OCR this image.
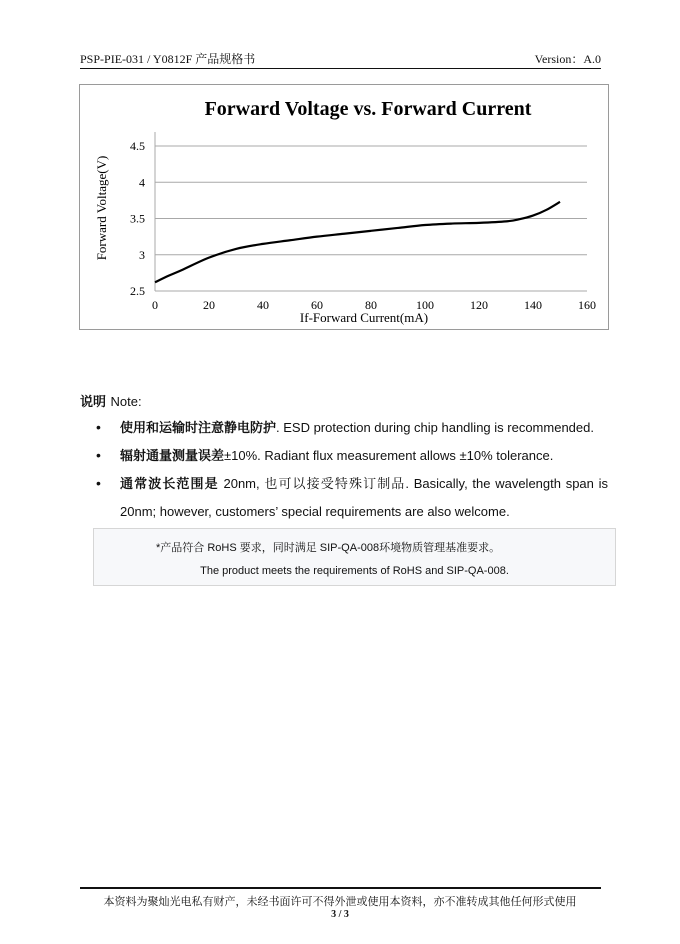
PSP-PIE-031 / Y0812F 产品规格书	Version：A.0
Forward Voltage vs. Forward Current
2.5
3
3.5
4
4.5
0	20	40	60	80	100	120	140	160
If-Forward Current(mA)
Forward Voltage(V)
说明 Note:
• 使用和运输时注意静电防护. ESD protection during chip handling is recommended.
• 辐射通量测量误差±10%. Radiant flux measurement allows ±10% tolerance.
• 通常波长范围是 20nm, 也可以接受特殊订制品. Basically, the wavelength span is 20nm; however, customers’ special requirements are also welcome.
*产品符合 RoHS 要求，同时满足 SIP-QA-008环境物质管理基准要求。
The product meets the requirements of RoHS and SIP-QA-008.
本资料为聚灿光电私有财产，未经书面许可不得外泄或使用本资料，亦不准转成其他任何形式使用
3 / 3
